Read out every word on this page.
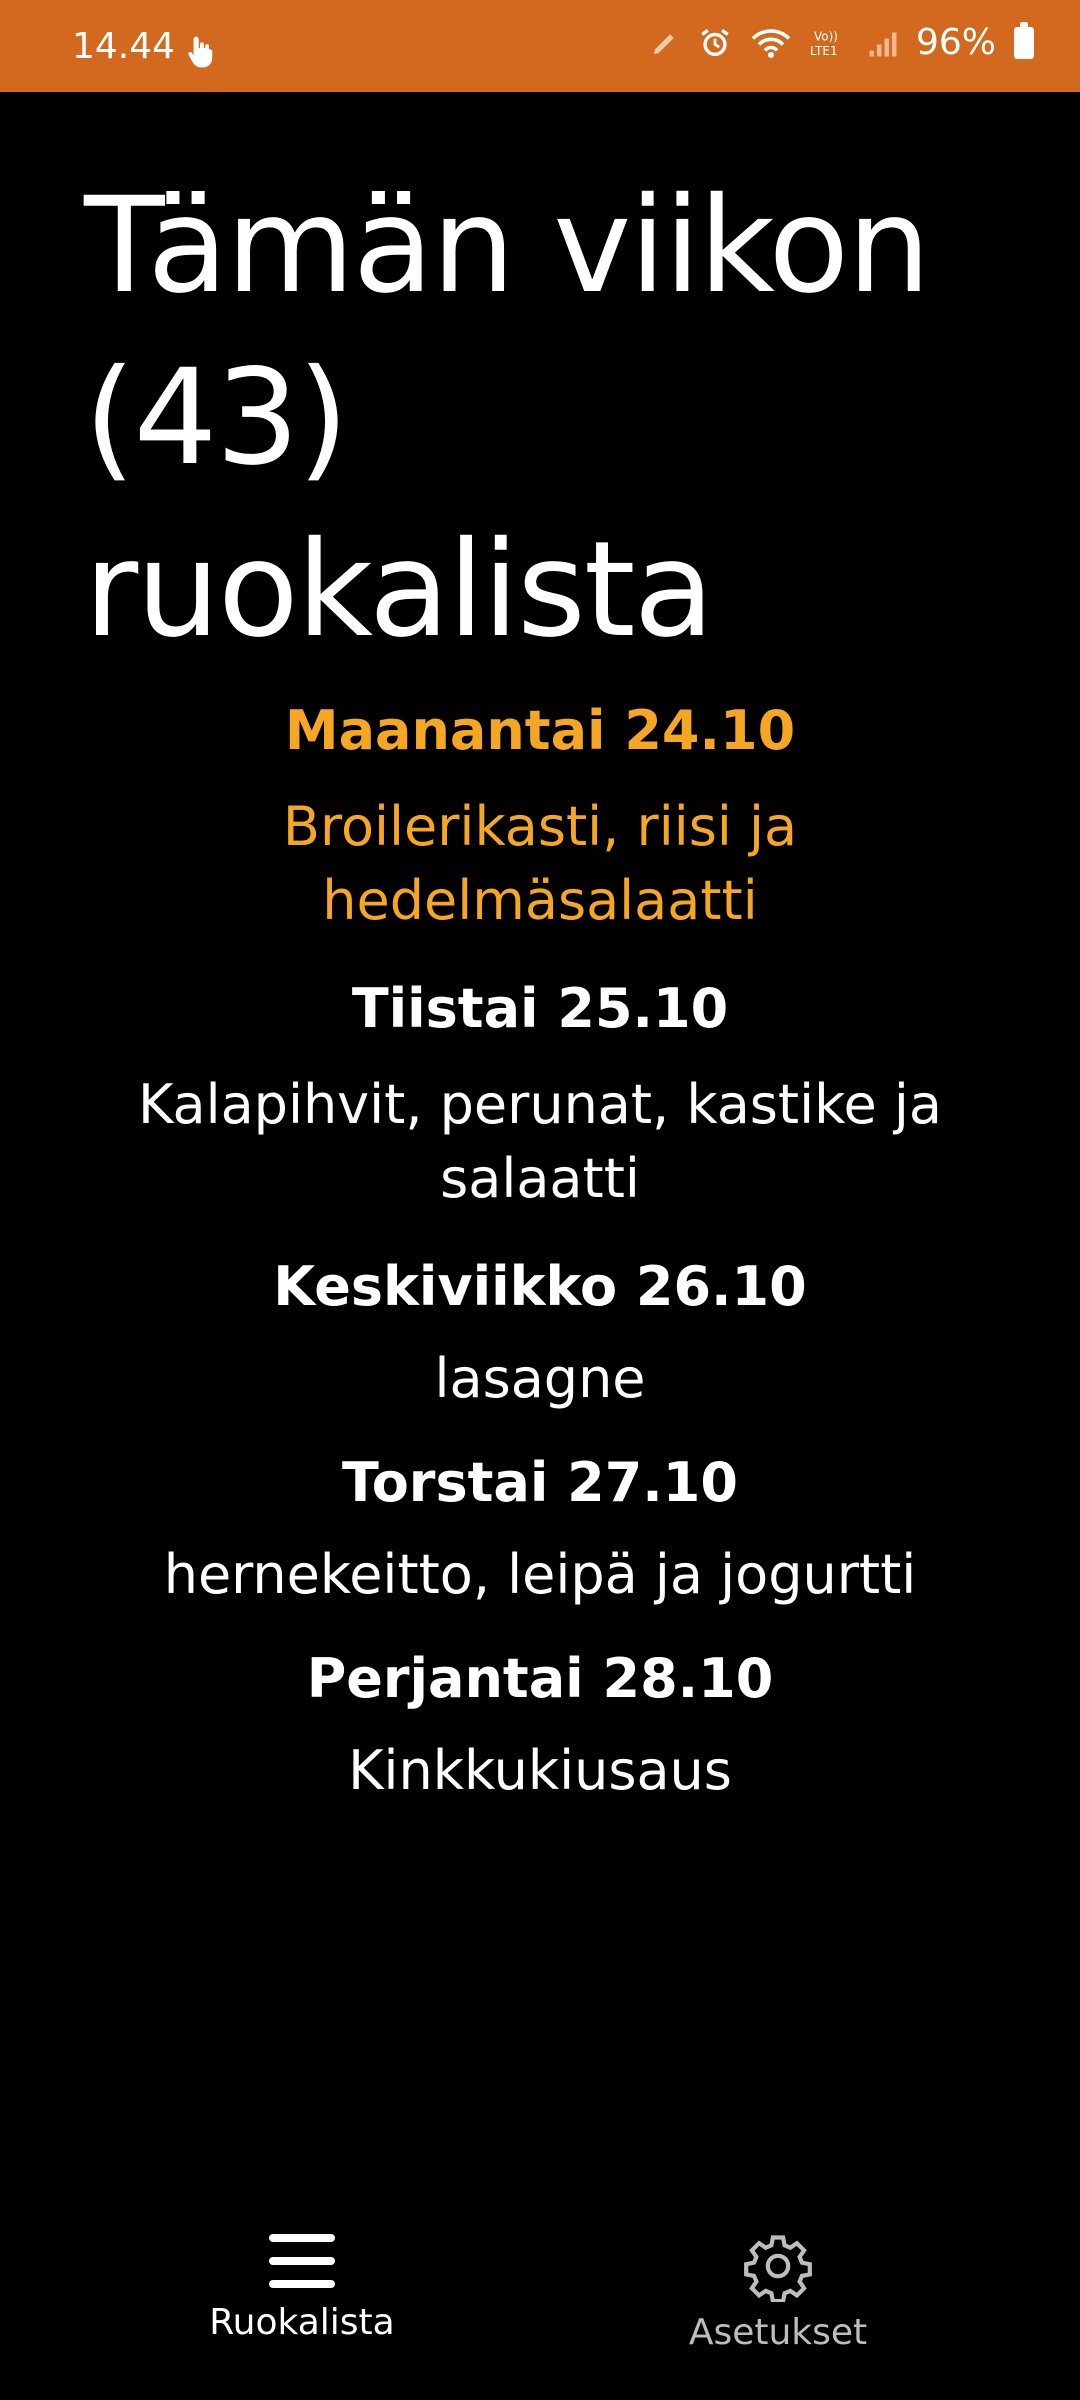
14.44	Vo))
LTE1 96%
Tämän viikon (43) ruokalista
Maanantai 24.10
Broilerikasti, riisi ja hedelmäsalaatti
Tiistai 25.10
Kalapihvit, perunat, kastike ja salaatti
Keskiviikko 26.10
lasagne
Torstai 27.10
hernekeitto, leipä ja jogurtti
Perjantai 28.10
Kinkkukiusaus
Ruokalista	Asetukset
